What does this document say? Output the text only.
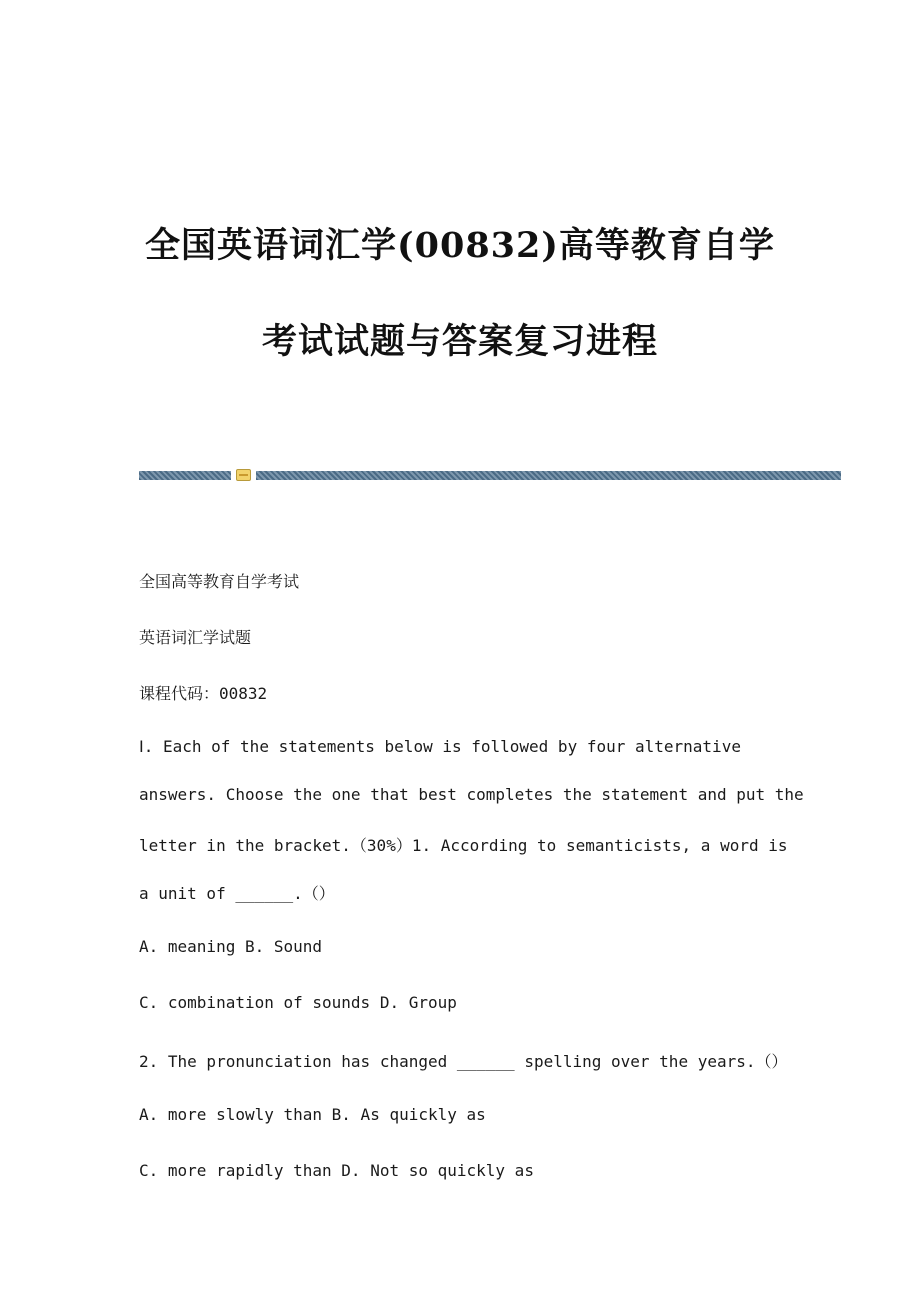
全国英语词汇学(00832)高等教育自学
考试试题与答案复习进程

全国高等教育自学考试

英语词汇学试题

课程代码：00832

Ⅰ. Each of the statements below is followed by four alternative

answers. Choose the one that best completes the statement and put the

letter in the bracket.（30%）1. According to semanticists, a word is

a unit of ______.（）

A. meaning B. Sound

C. combination of sounds D. Group

2. The pronunciation has changed ______ spelling over the years.（）

A. more slowly than B. As quickly as

C. more rapidly than D. Not so quickly as
